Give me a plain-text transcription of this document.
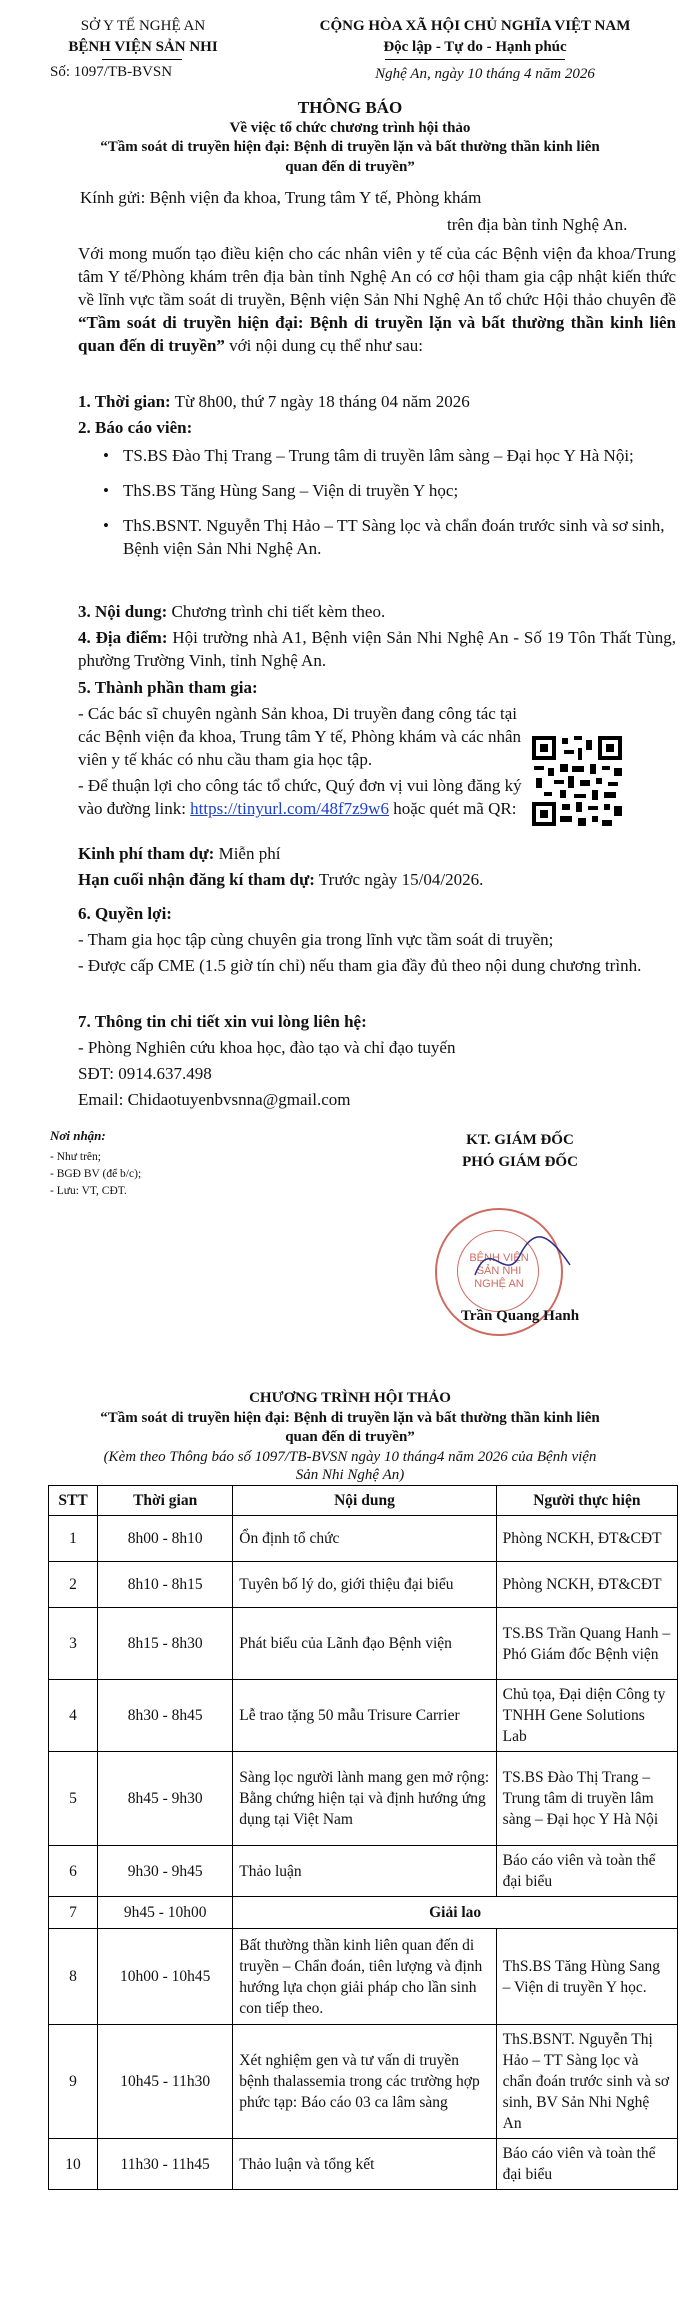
SỞ Y TẾ NGHỆ AN
BỆNH VIỆN SẢN NHI
Số: 1097/TB-BVSN
CỘNG HÒA XÃ HỘI CHỦ NGHĨA VIỆT NAM
Độc lập - Tự do - Hạnh phúc
Nghệ An, ngày 10 tháng 4 năm 2026
THÔNG BÁO
Về việc tổ chức chương trình hội thảo
“Tầm soát di truyền hiện đại: Bệnh di truyền lặn và bất thường thần kinh liên
quan đến di truyền”
Kính gửi: Bệnh viện đa khoa, Trung tâm Y tế, Phòng khám
trên địa bàn tỉnh Nghệ An.

Với mong muốn tạo điều kiện cho các nhân viên y tế của các Bệnh viện đa khoa/Trung tâm Y tế/Phòng khám trên địa bàn tỉnh Nghệ An có cơ hội tham gia cập nhật kiến thức về lĩnh vực tầm soát di truyền, Bệnh viện Sản Nhi Nghệ An tổ chức Hội thảo chuyên đề “Tầm soát di truyền hiện đại: Bệnh di truyền lặn và bất thường thần kinh liên quan đến di truyền” với nội dung cụ thể như sau:

1. Thời gian: Từ 8h00, thứ 7 ngày 18 tháng 04 năm 2026
2. Báo cáo viên:
• TS.BS Đào Thị Trang – Trung tâm di truyền lâm sàng – Đại học Y Hà Nội;
• ThS.BS Tăng Hùng Sang – Viện di truyền Y học;
• ThS.BSNT. Nguyễn Thị Hảo – TT Sàng lọc và chẩn đoán trước sinh và sơ sinh, Bệnh viện Sản Nhi Nghệ An.
3. Nội dung: Chương trình chi tiết kèm theo.
4. Địa điểm: Hội trường nhà A1, Bệnh viện Sản Nhi Nghệ An - Số 19 Tôn Thất Tùng, phường Trường Vinh, tỉnh Nghệ An.
5. Thành phần tham gia:
- Các bác sĩ chuyên ngành Sản khoa, Di truyền đang công tác tại các Bệnh viện đa khoa, Trung tâm Y tế, Phòng khám và các nhân viên y tế khác có nhu cầu tham gia học tập.
- Để thuận lợi cho công tác tổ chức, Quý đơn vị vui lòng đăng ký vào đường link: https://tinyurl.com/48f7z9w6 hoặc quét mã QR:
Kinh phí tham dự: Miễn phí
Hạn cuối nhận đăng kí tham dự: Trước ngày 15/04/2026.
6. Quyền lợi:
- Tham gia học tập cùng chuyên gia trong lĩnh vực tầm soát di truyền;
- Được cấp CME (1.5 giờ tín chỉ) nếu tham gia đầy đủ theo nội dung chương trình.
7. Thông tin chi tiết xin vui lòng liên hệ:
- Phòng Nghiên cứu khoa học, đào tạo và chỉ đạo tuyến
SĐT: 0914.637.498
Email: Chidaotuyenbvsnna@gmail.com
Nơi nhận:
- Như trên;
- BGĐ BV (để b/c);
- Lưu: VT, CĐT.
KT. GIÁM ĐỐC
PHÓ GIÁM ĐỐC
BỆNH VIỆN
SẢN NHI
NGHỆ AN
Trần Quang Hanh
CHƯƠNG TRÌNH HỘI THẢO
“Tầm soát di truyền hiện đại: Bệnh di truyền lặn và bất thường thần kinh liên
quan đến di truyền”
(Kèm theo Thông báo số 1097/TB-BVSN ngày 10 tháng4 năm 2026 của Bệnh viện
Sản Nhi Nghệ An)
STT	Thời gian	Nội dung	Người thực hiện
1	8h00 - 8h10	Ổn định tổ chức	Phòng NCKH, ĐT&CĐT
2	8h10 - 8h15	Tuyên bố lý do, giới thiệu đại biểu	Phòng NCKH, ĐT&CĐT
3	8h15 - 8h30	Phát biểu của Lãnh đạo Bệnh viện	TS.BS Trần Quang Hanh – Phó Giám đốc Bệnh viện
4	8h30 - 8h45	Lễ trao tặng 50 mẫu Trisure Carrier	Chủ tọa, Đại diện Công ty TNHH Gene Solutions Lab
5	8h45 - 9h30	Sàng lọc người lành mang gen mở rộng: Bằng chứng hiện tại và định hướng ứng dụng tại Việt Nam	TS.BS Đào Thị Trang – Trung tâm di truyền lâm sàng – Đại học Y Hà Nội
6	9h30 - 9h45	Thảo luận	Báo cáo viên và toàn thể đại biểu
7	9h45 - 10h00	Giải lao	
8	10h00 - 10h45	Bất thường thần kinh liên quan đến di truyền – Chẩn đoán, tiên lượng và định hướng lựa chọn giải pháp cho lần sinh con tiếp theo.	ThS.BS Tăng Hùng Sang – Viện di truyền Y học.
9	10h45 - 11h30	Xét nghiệm gen và tư vấn di truyền bệnh thalassemia trong các trường hợp phức tạp: Báo cáo 03 ca lâm sàng	ThS.BSNT. Nguyễn Thị Hảo – TT Sàng lọc và chẩn đoán trước sinh và sơ sinh, BV Sản Nhi Nghệ An
10	11h30 - 11h45	Thảo luận và tổng kết	Báo cáo viên và toàn thể đại biểu
